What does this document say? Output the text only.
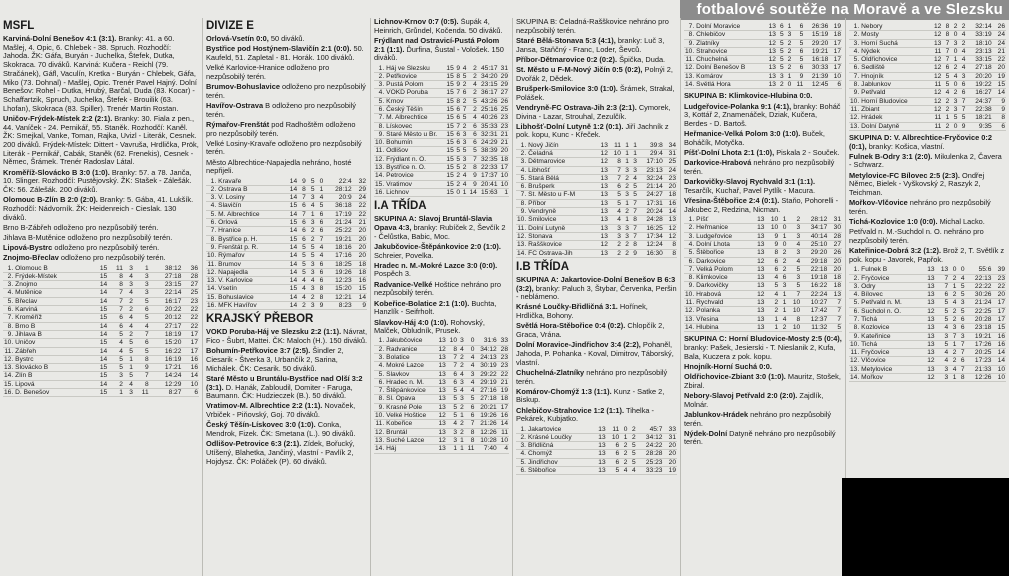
fotbalové soutěže na Moravě a ve Slezsku
MSFL
Karviná-Dolní Benešov 4:1 (3:1). Branky: 41. a 60. Mašlej, 4. Opic, 6. Chlebek - 38. Spruch. Rozhodčí: Jahoda. ŽK: Gáfa, Buryán - Juchelka, Štefek, Dutka, Skokraca. 70 diváků. Karviná: Kučera - Reichl (79. Stračánek), Gáfl, Vaculín, Kretka - Buryán - Chlebek, Gáfa, Miko (73. Dohnal) - Mašlej, Opic. Trenér Pavel Hajný. Dolní Benešov: Rohel - Dutka, Hrubý, Barčal, Duda (83. Kocar) - Schaffartzik, Spruch, Juchelka, Štefek - Brouilik (63. Lhofan), Skokraca (83. Spiller). Trenér Martin Rostan.
Uničov-Frýdek-Místek 2:2 (2:1). Branky: 30. Fiala z pen., 44. Vaníček - 24. Pernikář, 55. Staněk. Rozhodčí: Kaněl. ŽK: Smejkal, Vanke, Toman, Rajka, Uvizl - Literák, Cesnek. 200 diváků. Frýdek-Místek: Dittert - Vavruša, Hrdlička, Prök, Literák - Pernikář, Cabák, Staněk (62. Frenekis), Cesnek - Němec, Šrámek. Trenér Radoslav Látal.
Kroměříž-Slovácko B 3:0 (1:0). Branky: 57. a 78. Janča, 10. Slinger. Rozhodčí: Pustějovský. ŽK: Stašek - Zálešák. ČK: 56. Zálešák. 200 diváků.
Olomouc B-Zlín B 2:0 (2:0). Branky: 5. Gába, 41. Lukšík. Rozhodčí: Nádvorník. ŽK: Heidenreich - Cieslak. 130 diváků.
Brno B-Zábřeh odloženo pro nezpůsobilý terén.
Jihlava B-Mutěnice odloženo pro nezpůsobilý terén.
Lipová-Bystrc odloženo pro nezpůsobilý terén.
Znojmo-Břeclav odloženo pro nezpůsobilý terén.
1.	Olomouc B	15	11	3	1	38:12	36
2.	Frýdek-Místek	15	8	4	3	27:18	28
3.	Znojmo	14	8	3	3	23:15	27
4.	Mutěnice	14	7	4	3	22:14	25
5.	Břeclav	14	7	2	5	16:17	23
6.	Karviná	15	7	2	6	20:22	22
7.	Kroměříž	15	6	4	5	20:12	22
8.	Brno B	14	6	4	4	27:17	22
9.	Jihlava B	14	5	2	7	18:19	17
10.	Uničov	15	4	5	6	15:20	17
11.	Zábřeh	14	4	5	5	16:22	17
12.	Bystrc	14	5	1	8	16:19	16
13.	Slovácko B	15	5	1	9	17:21	16
14.	Zlín B	15	3	5	7	14:24	14
15.	Lipová	14	2	4	8	12:29	10
16.	D. Benešov	15	1	3	11	8:27	6
DIVIZE E
Orlová-Vsetín 0:0, 50 diváků.
Bystřice pod Hostýnem-Slavičín 2:1 (0:0). 50. Kaufeld, 51. Zapletal - 81. Horák. 100 diváků.
Velké Karlovice-Hranice odloženo pro nezpůsobilý terén.
Brumov-Bohuslavice odloženo pro nezpůsobilý terén.
Havířov-Ostrava B odloženo pro nezpůsobilý terén.
Rýmařov-Frenštát pod Radhoštěm odloženo pro nezpůsobilý terén.
Velké Losiny-Kravaře odloženo pro nezpůsobilý terén.
Město Albrechtice-Napajedla nehráno, hosté nepřijeli.
1.	Kravaře	14	9	5	0	22:4	32
2.	Ostrava B	14	8	5	1	28:12	29
3.	V. Losiny	14	7	3	4	20:9	24
4.	Slavičín	15	6	4	5	36:18	22
5.	M. Albrechtice	14	7	1	6	17:19	22
6.	Orlová	15	6	3	6	21:24	21
7.	Hranice	14	6	2	6	25:22	20
8.	Bystřice p. H.	15	6	2	7	19:21	20
9.	Frenštát p. R.	14	5	5	4	18:16	20
10.	Rýmařov	14	5	5	4	17:16	20
11.	Brumov	14	5	3	6	18:25	18
12.	Napajedla	14	5	3	6	19:26	18
13.	V. Karlovice	14	4	4	6	12:23	16
14.	Vsetín	15	4	3	8	15:20	15
15.	Bohuslavice	14	4	2	8	12:21	14
16.	MFK Havířov	14	2	3	9	8:23	9
KRAJSKÝ PŘEBOR
VOKD Poruba-Háj ve Slezsku 2:2 (1:1). Návrat, Fico - Šubrt, Mattei. ČK: Maloch (H.). 150 diváků.
Bohumín-Petřkovice 3:7 (2:5). Šindler 2, Ciesarik - Štverka 3, Urbančík 2, Sarina, Michálek. ČK: Cesarik. 50 diváků.
Staré Město u Bruntálu-Bystřice nad Olší 3:2 (3:1). D. Hanák, Zabloudil, Domiter - Faruga, Baumann. ČK: Hudzieczek (B.). 50 diváků.
Vratimov-M. Albrechtice 2:2 (1:1). Novaček, Vrbiček - Piňovský, Goj. 70 diváků.
Český Těšín-Lískovec 3:0 (1:0). Conka, Mendrok, Fizek. ČK: Smetana (L.). 90 diváků.
Odlišov-Petrovice 6:3 (2:1). Zídek, Bořucký, Utíšený, Blahetka, Jančiný, vlastní - Pavlík 2, Hojdysz. ČK: Poláček (P). 60 diváků.
Lichnov-Krnov 0:7 (0:5). Šupák 4, Heinrich, Grůndel, Kočenda. 50 diváků.
Frýdlant nad Ostravicí-Pustá Polom 2:1 (1:1). Ďurfina, Šustal - Vološek. 150 diváků.
1.	Háj ve Slezsku	15	9	4	2	45:17	31
2.	Petřkovice	15	8	5	2	34:20	29
3.	Pustá Polom	15	9	2	4	23:15	29
4.	VOKD Poruba	15	7	6	2	36:17	27
5.	Krnov	15	8	2	5	43:26	26
6.	Český Těšín	15	6	7	2	25:16	25
7.	M. Albrechtice	15	6	5	4	40:26	23
8.	Lískovec	15	7	2	6	35:33	23
9.	Staré Město u Br.	15	6	3	6	32:31	21
10.	Bohumín	15	6	3	6	24:29	21
11.	Odlišov	15	5	5	5	38:39	20
12.	Frýdlant n. O.	15	5	3	7	32:35	18
13.	Bystřice n. O.	15	5	2	8	22:33	17
14.	Petrovice	15	2	4	9	17:37	10
15.	Vratimov	15	2	4	9	20:41	10
16.	Lichnov	15	0	1	14	15:63	1
I.A TŘÍDA
SKUPINA A: Slavoj Bruntál-Slavia Opava 4:3, branky: Rubíček 2, Ševčík 2 - Čelůstka, Babic, Moc.
Jakubčovice-Štěpánkovice 2:0 (1:0). Schreier, Povelka.
Hradec n. M.-Mokré Lazce 3:0 (0:0). Pospěch 3.
Radvanice-Velké Hoštice nehráno pro nezpůsobilý terén.
Kobeřice-Bolatice 2:1 (1:0). Buchta, Hanzlík - Seifrholt.
Slavkov-Háj 4:0 (1:0). Rohovský, Malček, Obludník, Prusek.
1.	Jakubčovice	13	10	3	0	31:6	33
2.	Radvanice	12	8	4	0	34:12	28
3.	Bolatice	13	7	2	4	24:13	23
4.	Mokré Lazce	13	7	2	4	30:19	23
5.	Slavkov	13	6	4	3	29:22	22
6.	Hradec n. M.	13	6	3	4	29:19	21
7.	Štěpánkovice	13	5	4	4	27:16	19
8.	Sl. Opava	13	5	3	5	27:18	18
9.	Krasné Pole	13	5	2	6	20:21	17
10.	Velké Hoštice	12	5	1	6	19:26	16
11.	Kobeřice	13	4	2	7	21:26	14
12.	Bruntál	13	3	2	8	12:26	11
13.	Suché Lazce	12	3	1	8	10:28	10
14.	Háj	13	1	1	11	7:40	4
SKUPINA B: Čeladná-Rašškovice nehráno pro nezpůsobilý terén.
Staré Bělá-Stonava 5:3 (4:1), branky: Luč 3, Jansa, Staňčný - Franc, Loder, Ševců.
Příbor-Dětmarovice 0:2 (0:2). Špička, Duda.
St. Město u F-M-Nový Jičín 0:5 (0:2), Polnýi 2, Dvořák 2, Dědek.
Brušperk-Smilovice 3:0 (1:0). Šrámek, Strakal, Polášek.
Vendryně-FC Ostrava-Jih 2:3 (2:1). Cymorek, Divina - Lazar, Strouhal, Zezulčík.
Libhošť-Dolní Lutyně 1:2 (0:1). Jiří Jachník z pok. kopu, Kunc - Křeček.
1.	Nový Jičín	13	11	1	1	39:8	34
2.	Čeladná	12	10	1	1	29:4	31
3.	Dětmarovice	12	8	1	3	17:10	25
4.	Libhošť	13	7	3	3	23:13	24
5.	Stará Bělá	13	7	2	4	32:24	23
6.	Brušperk	13	6	2	5	21:14	20
7.	St. Město u F-M	13	5	3	5	24:27	18
8.	Příbor	13	5	1	7	17:31	16
9.	Vendryně	13	4	2	7	20:24	14
10.	Smilovice	13	4	1	8	24:28	13
11.	Dolní Lutyně	13	3	3	7	16:25	12
12.	Stonava	13	3	3	7	17:34	12
13.	Rašškovice	12	2	2	8	12:24	8
14.	FC Ostrava-Jih	13	2	2	9	16:30	8
I.B TŘÍDA
SKUPINA A: Jakartovice-Dolní Benešov B 6:3 (3:2), branky: Paluch 3, Štybar, Červenka, Peršin - neblámeno.
Krásné Loučky-Břidličná 3:1. Hořínek, Hrdlička, Bohony.
Světlá Hora-Stěbořice 0:4 (0:2). Chlopčík 2, Graca, Vrána.
Dolní Moravice-Jindřichov 3:4 (2:2), Pohaněl, Jahoda, P. Pohanka - Koval, Dimitrov, Táborský, vlastní.
Chuchelná-Zlatníky nehráno pro nezpůsobilý terén.
Komárov-Chomýž 1:3 (1:1). Kunz - Satke 2, Biskup.
Chlebičov-Strahovice 1:2 (1:1). Tihelka - Pekárek, Kubjatko.
1.	Jakartovice	13	11	0	2	45:7	33
2.	Krásné Loučky	13	10	1	2	34:12	31
3.	Břidličná	13	6	2	5	24:22	20
4.	Chomýž	13	6	2	5	28:28	20
5.	Jindřichov	13	6	2	5	25:23	20
6.	Stěbořice	13	5	4	4	33:23	19
7.	Dolní Moravice	13	6	1	6	26:36	19
8.	Chlebičov	13	5	3	5	15:19	18
9.	Zlatníky	12	5	2	5	29:20	17
10.	Strahovice	13	5	2	6	19:21	17
11.	Chuchelná	12	5	2	5	16:18	17
12.	Dolní Benešov B	13	5	2	6	30:33	17
13.	Komárov	13	3	1	9	21:39	10
14.	Světlá Hora	13	2	0	11	12:45	6
SKUPINA B: Klimkovice-Hlubina 0:0.
Ludgeřovice-Polanka 9:1 (4:1), branky: Boháč 3, Kottář 2, Znamenáček, Dziak, Kučera, Berdes - D. Bartoš.
Heřmanice-Velká Polom 3:0 (1:0). Buček, Boháčík, Motyčka.
Píšť-Dolní Lhota 2:1 (1:0), Piskala 2 - Souček.
Darkovice-Hrabová nehráno pro nezpůsobilý terén.
Darkovičky-Slavoj Rychvald 3:1 (1:1). Tesarčík, Kuchař, Pavel Pytlík - Macura.
Vřesina-Štěbořice 2:4 (0:1). Staňo, Pohorelli - Jakubec 2, Redzina, Nicman.
1.	Píšť	13	10	1	2	28:12	31
2.	Heřmanice	13	10	0	3	34:17	30
3.	Ludgeřovice	13	9	1	3	40:14	28
4.	Dolní Lhota	13	9	0	4	25:10	27
5.	Štěbořice	13	8	2	3	29:20	26
6.	Darkovice	12	6	2	4	29:18	20
7.	Velká Polom	13	6	2	5	22:18	20
8.	Klimkovice	13	4	6	3	19:18	18
9.	Darkovičky	13	5	3	5	16:22	18
10.	Hrabová	12	4	1	7	22:24	13
11.	Rychvald	13	2	1	10	10:27	7
12.	Polanka	13	2	1	10	17:42	7
13.	Vřesina	13	1	4	8	12:37	7
14.	Hlubina	13	1	2	10	11:32	5
SKUPINA C: Horní Bludovice-Mosty 2:5 (0:4), branky: Pašek, Jesierski - T. Nieslanik 2, Kufa, Bala, Kuczera z pok. kopu.
Hnojník-Horní Suchá 0:0.
Oldřichovice-Zbiant 3:0 (1:0). Mauritz, Stošek, Zbiral.
Nebory-Slavoj Petřvald 2:0 (2:0). Zajdlík, Molnár.
Jablunkov-Hrádek nehráno pro nezpůsobilý terén.
Nýdek-Dolní Datyně nehráno pro nezpůsobilý terén.
1.	Nebory	12	8	2	2	32:14	26
2.	Mosty	12	8	0	4	33:19	24
3.	Horní Suchá	13	7	3	2	18:10	24
4.	Nýdek	11	7	0	4	23:13	21
5.	Oldřichovice	12	7	1	4	33:15	22
6.	Sedliště	12	6	2	4	27:18	20
7.	Hnojník	12	5	4	3	20:20	19
8.	Jablunkov	11	5	0	6	19:22	15
9.	Petřvald	12	4	2	6	16:27	14
10.	Horní Bludovice	12	2	3	7	24:37	9
11.	Zbiant	12	2	3	7	22:38	9
12.	Hrádek	11	1	5	5	18:21	8
13.	Dolní Datyně	11	2	0	9	9:35	6
SKUPINA D: V. Albrechtice-Fryčovice 0:2 (0:1), branky: Košica, vlastní.
Fulnek B-Odry 3:1 (2:0). Mikulenka 2, Čavera - Schwarz.
Metylovice-FC Bílovec 2:5 (2:3). Ondřej Němec, Bielek - Vyškovský 2, Raszyk 2, Teichman.
Mořkov-Vlčovice nehráno pro nezpůsobilý terén.
Tichá-Kozlovice 1:0 (0:0). Michal Lacko.
Petřvald n. M.-Suchdol n. O. nehráno pro nezpůsobilý terén.
Kateřinice-Dobrá 3:2 (1:2). Brož 2, T. Světlík z pok. kopu - Javorek, Papřok.
1.	Fulnek B	13	13	0	0	55:6	39
2.	Fryčovice	13	7	2	4	22:13	23
3.	Odry	13	7	1	5	22:22	22
4.	Bílovec	13	6	2	5	30:26	20
5.	Petřvald n. M.	13	5	4	3	21:24	17
6.	Suchdol n. O.	12	5	2	5	22:25	17
7.	Tichá	13	5	2	6	20:28	17
8.	Kozlovice	13	4	3	6	23:18	15
9.	Kateřinice	13	3	7	3	19:21	16
10.	Tichá	13	5	1	7	17:26	16
11.	Fryčovice	13	4	2	7	20:25	14
12.	Vlčovice	12	4	2	6	17:23	14
13.	Metylovice	13	3	4	7	21:33	10
14.	Mořkov	12	3	1	8	12:26	10
